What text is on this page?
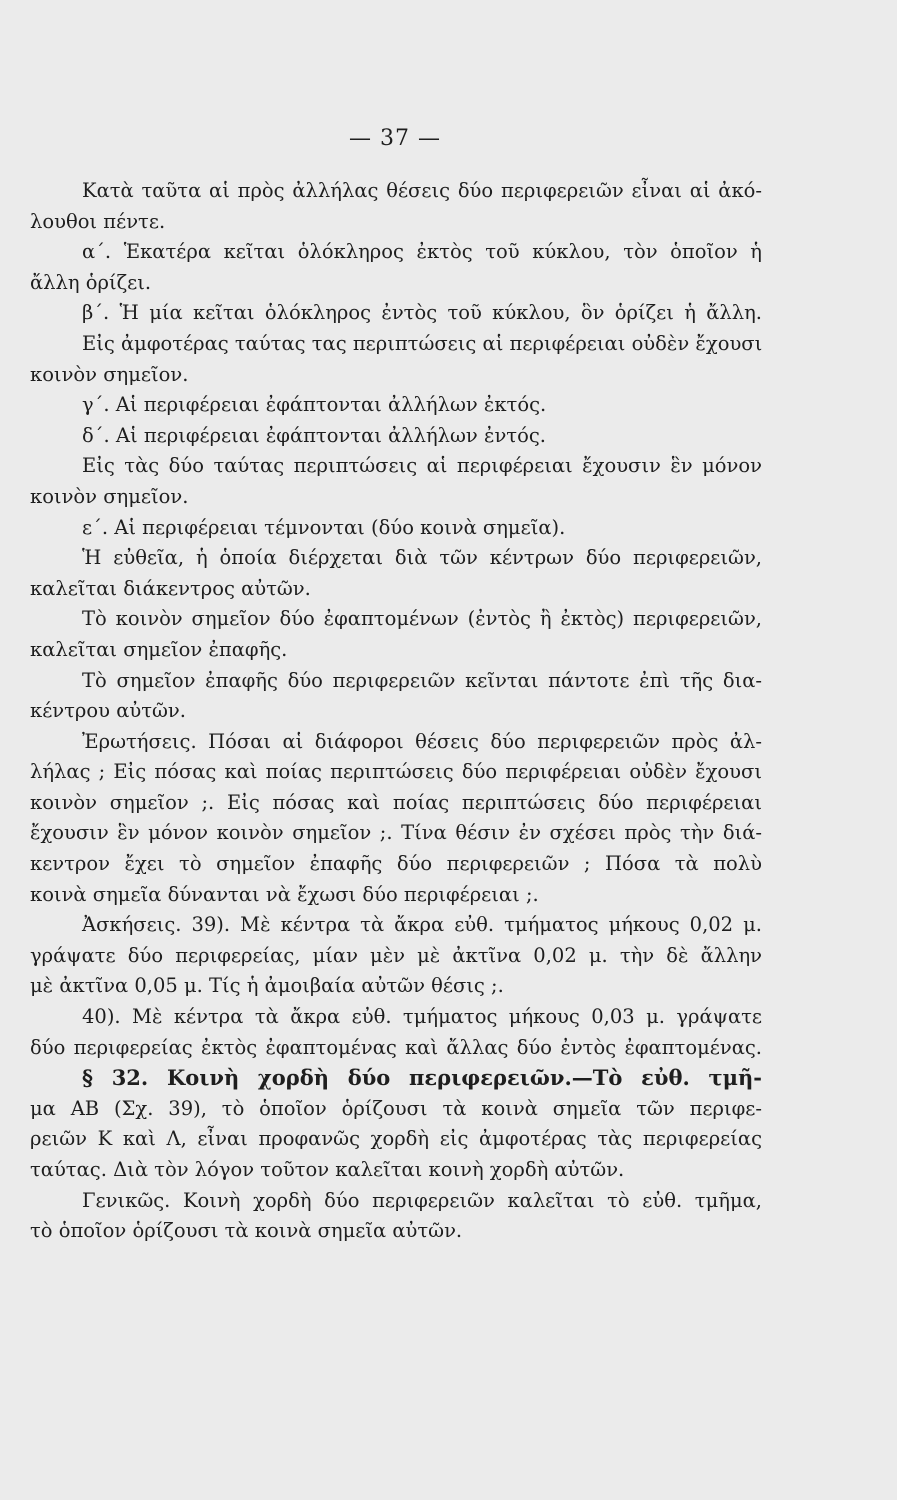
— 37 —
Κατὰ ταῦτα αἱ πρὸς ἀλλήλας θέσεις δύο περιφερειῶν εἶναι αἱ ἀκό-
λουθοι πέντε.
α΄. Ἑκατέρα κεῖται ὁλόκληρος ἐκτὸς τοῦ κύκλου, τὸν ὁποῖον ἡ
ἄλλη ὁρίζει.
β΄. Ἡ μία κεῖται ὁλόκληρος ἐντὸς τοῦ κύκλου, ὃν ὁρίζει ἡ ἄλλη.
Εἰς ἀμφοτέρας ταύτας τας περιπτώσεις αἱ περιφέρειαι οὐδὲν ἔχουσι
κοινὸν σημεῖον.
γ΄. Αἱ περιφέρειαι ἐφάπτονται ἀλλήλων ἐκτός.
δ΄. Αἱ περιφέρειαι ἐφάπτονται ἀλλήλων ἐντός.
Εἰς τὰς δύο ταύτας περιπτώσεις αἱ περιφέρειαι ἔχουσιν ἓν μόνον
κοινὸν σημεῖον.
ε΄. Αἱ περιφέρειαι τέμνονται (δύο κοινὰ σημεῖα).
Ἡ εὐθεῖα, ἡ ὁποία διέρχεται διὰ τῶν κέντρων δύο περιφερειῶν,
καλεῖται διάκεντρος αὐτῶν.
Τὸ κοινὸν σημεῖον δύο ἐφαπτομένων (ἐντὸς ἢ ἐκτὸς) περιφερειῶν,
καλεῖται σημεῖον ἐπαφῆς.
Τὸ σημεῖον ἐπαφῆς δύο περιφερειῶν κεῖνται πάντοτε ἐπὶ τῆς δια-
κέντρου αὐτῶν.
Ἐρωτήσεις. Πόσαι αἱ διάφοροι θέσεις δύο περιφερειῶν πρὸς ἀλ-
λήλας ; Εἰς πόσας καὶ ποίας περιπτώσεις δύο περιφέρειαι οὐδὲν ἔχουσι
κοινὸν σημεῖον ;. Εἰς πόσας καὶ ποίας περιπτώσεις δύο περιφέρειαι
ἔχουσιν ἓν μόνον κοινὸν σημεῖον ;. Τίνα θέσιν ἐν σχέσει πρὸς τὴν διά-
κεντρον ἔχει τὸ σημεῖον ἐπαφῆς δύο περιφερειῶν ; Πόσα τὰ πολὺ
κοινὰ σημεῖα δύνανται νὰ ἔχωσι δύο περιφέρειαι ;.
Ἀσκήσεις. 39). Μὲ κέντρα τὰ ἄκρα εὐθ. τμήματος μήκους 0,02 μ.
γράψατε δύο περιφερείας, μίαν μὲν μὲ ἀκτῖνα 0,02 μ. τὴν δὲ ἄλλην
μὲ ἀκτῖνα 0,05 μ. Τίς ἡ ἀμοιβαία αὐτῶν θέσις ;.
40). Μὲ κέντρα τὰ ἄκρα εὐθ. τμήματος μήκους 0,03 μ. γράψατε
δύο περιφερείας ἐκτὸς ἐφαπτομένας καὶ ἄλλας δύο ἐντὸς ἐφαπτομένας.
§ 32. Κοινὴ χορδὴ δύο περιφερειῶν.—Τὸ εὐθ. τμῆ-
μα ΑΒ (Σχ. 39), τὸ ὁποῖον ὁρίζουσι τὰ κοινὰ σημεῖα τῶν περιφε-
ρειῶν Κ καὶ Λ, εἶναι προφανῶς χορδὴ εἰς ἀμφοτέρας τὰς περιφερείας
ταύτας. Διὰ τὸν λόγον τοῦτον καλεῖται κοινὴ χορδὴ αὐτῶν.
Γενικῶς. Κοινὴ χορδὴ δύο περιφερειῶν καλεῖται τὸ εὐθ. τμῆμα,
τὸ ὁποῖον ὁρίζουσι τὰ κοινὰ σημεῖα αὐτῶν.
